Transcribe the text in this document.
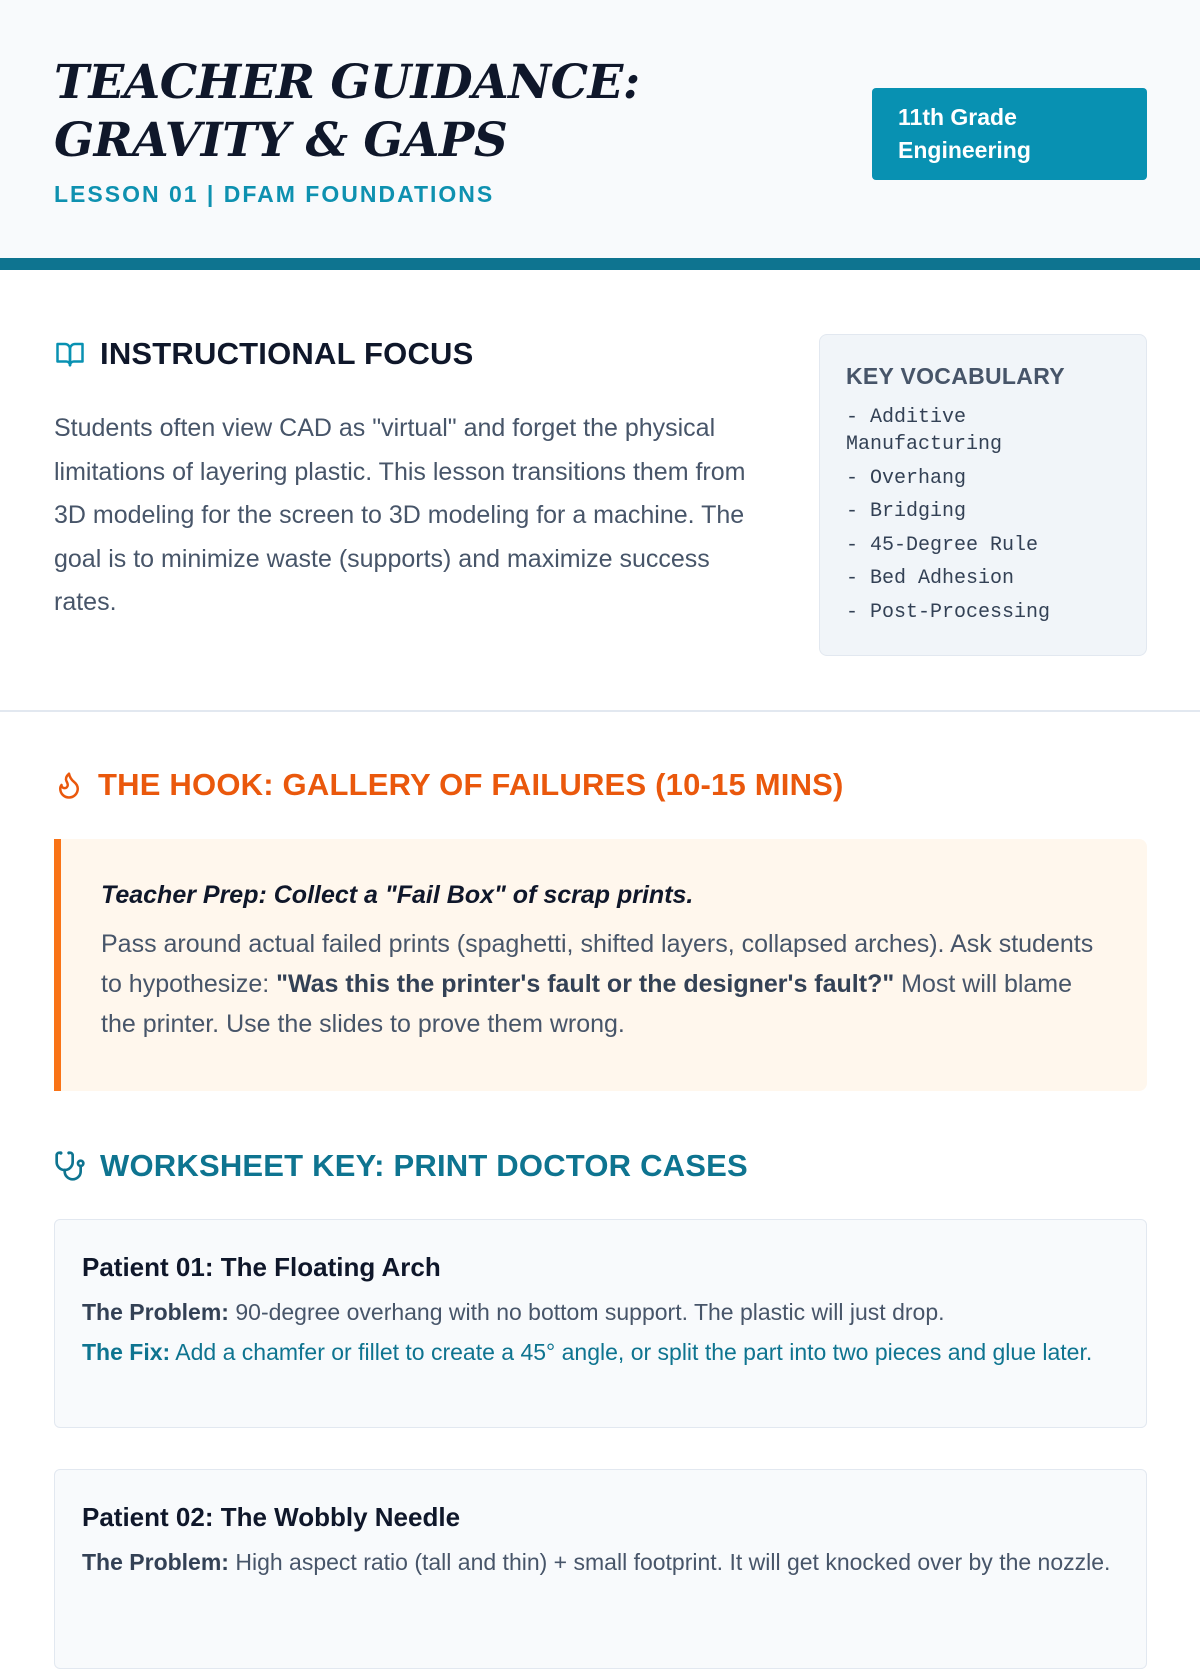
TEACHER GUIDANCE: GRAVITY & GAPS
LESSON 01 | DFAM FOUNDATIONS
11th Grade Engineering
INSTRUCTIONAL FOCUS

Students often view CAD as "virtual" and forget the physical limitations of layering plastic. This lesson transitions them from 3D modeling for the screen to 3D modeling for a machine. The goal is to minimize waste (supports) and maximize success rates.

KEY VOCABULARY
- Additive Manufacturing
- Overhang
- Bridging
- 45-Degree Rule
- Bed Adhesion
- Post-Processing
THE HOOK: GALLERY OF FAILURES (10-15 MINS)

Teacher Prep: Collect a "Fail Box" of scrap prints.

Pass around actual failed prints (spaghetti, shifted layers, collapsed arches). Ask students to hypothesize: "Was this the printer's fault or the designer's fault?" Most will blame the printer. Use the slides to prove them wrong.

WORKSHEET KEY: PRINT DOCTOR CASES
Patient 01: The Floating Arch

The Problem: 90-degree overhang with no bottom support. The plastic will just drop.

The Fix: Add a chamfer or fillet to create a 45° angle, or split the part into two pieces and glue later.

Patient 02: The Wobbly Needle

The Problem: High aspect ratio (tall and thin) + small footprint. It will get knocked over by the nozzle.
